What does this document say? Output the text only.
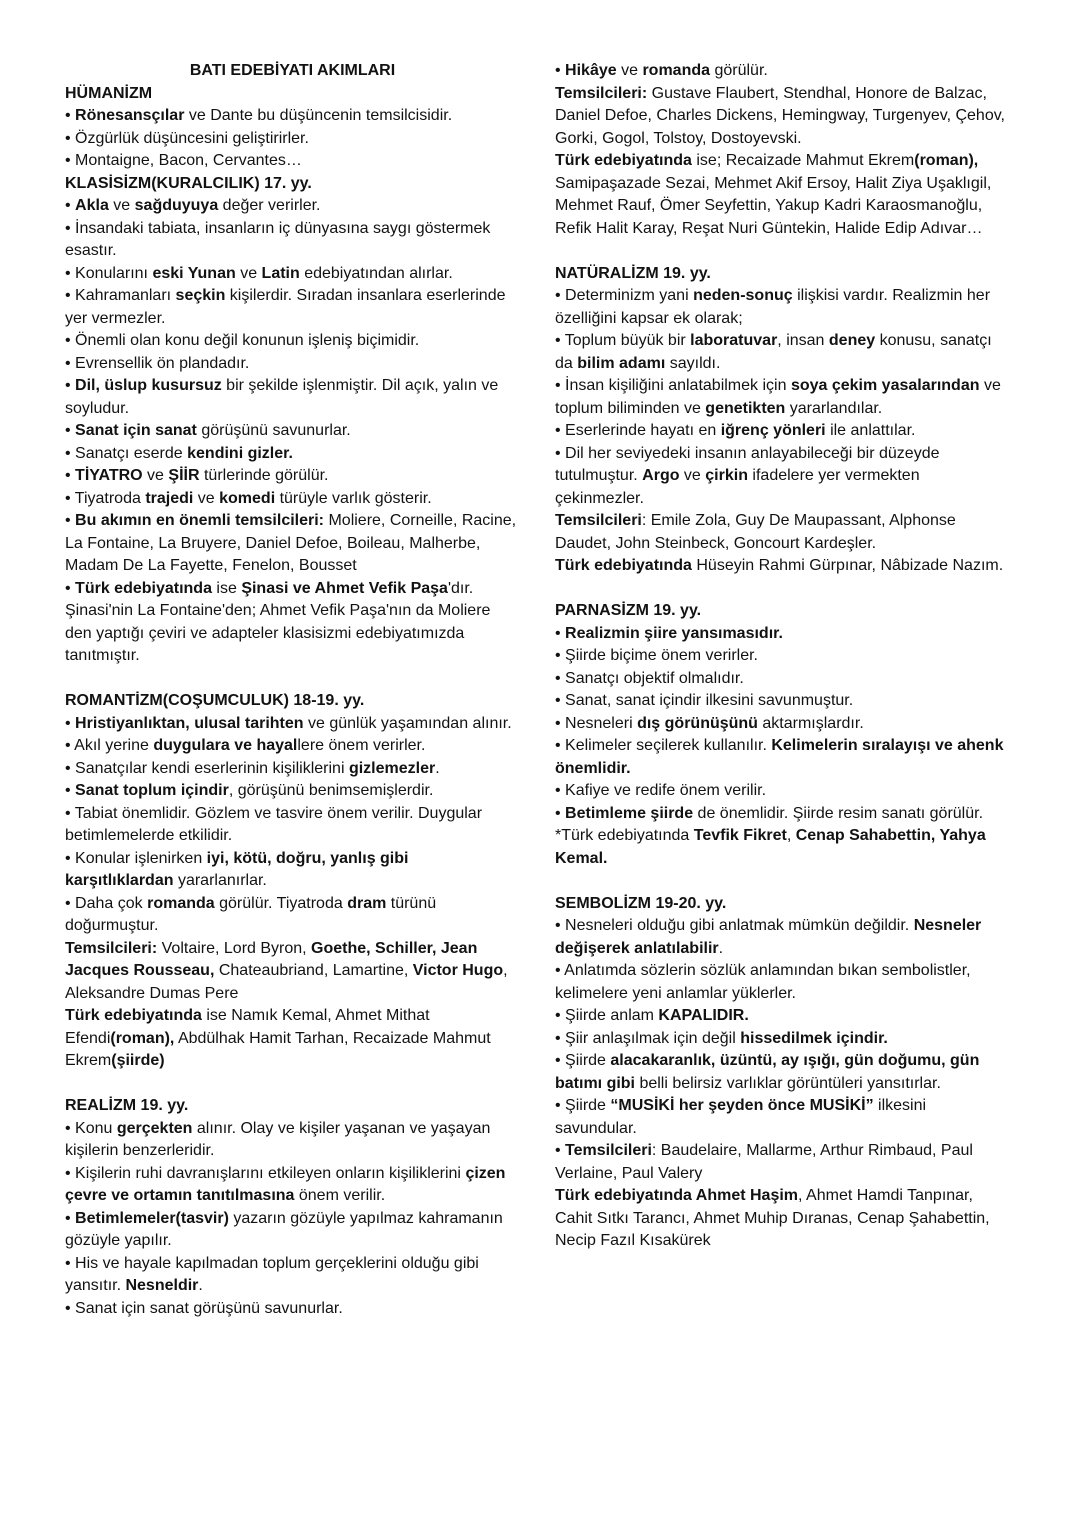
BATI EDEBİYATI AKIMLARI
HÜMANİZM
• Rönesansçılar ve Dante bu düşüncenin temsilcisidir.
• Özgürlük düşüncesini geliştirirler.
• Montaigne, Bacon, Cervantes…
KLASİSİZM(KURALCILIK) 17. yy.
• Akla ve sağduyuya değer verirler.
• İnsandaki tabiata, insanların iç dünyasına saygı göstermek esastır.
• Konularını eski Yunan ve Latin edebiyatından alırlar.
• Kahramanları seçkin kişilerdir. Sıradan insanlara eserlerinde yer vermezler.
• Önemli olan konu değil konunun işleniş biçimidir.
• Evrensellik ön plandadır.
• Dil, üslup kusursuz bir şekilde işlenmiştir. Dil açık, yalın ve soyludur.
• Sanat için sanat görüşünü savunurlar.
• Sanatçı eserde kendini gizler.
• TİYATRO ve ŞİİR türlerinde görülür.
• Tiyatroda trajedi ve komedi türüyle varlık gösterir.
• Bu akımın en önemli temsilcileri: Moliere, Corneille, Racine, La Fontaine, La Bruyere, Daniel Defoe, Boileau, Malherbe, Madam De La Fayette, Fenelon, Bousset
• Türk edebiyatında ise Şinasi ve Ahmet Vefik Paşa'dır. Şinasi'nin La Fontaine'den; Ahmet Vefik Paşa'nın da Moliere den yaptığı çeviri ve adapteler klasisizmi edebiyatımızda tanıtmıştır.
ROMANTİZM(COŞUMCULUK) 18-19. yy.
• Hristiyanlıktan, ulusal tarihten ve günlük yaşamından alınır.
• Akıl yerine duygulara ve hayallere önem verirler.
• Sanatçılar kendi eserlerinin kişiliklerini gizlemezler.
• Sanat toplum içindir, görüşünü benimsemişlerdir.
• Tabiat önemlidir. Gözlem ve tasvire önem verilir. Duygular betimlemelerde etkilidir.
• Konular işlenirken iyi, kötü, doğru, yanlış gibi karşıtlıklardan yararlanırlar.
• Daha çok romanda görülür. Tiyatroda dram türünü doğurmuştur.
Temsilcileri: Voltaire, Lord Byron, Goethe, Schiller, Jean Jacques Rousseau, Chateaubriand, Lamartine, Victor Hugo, Aleksandre Dumas Pere
Türk edebiyatında ise Namık Kemal, Ahmet Mithat Efendi(roman), Abdülhak Hamit Tarhan, Recaizade Mahmut Ekrem(şiirde)
REALİZM 19. yy.
• Konu gerçekten alınır. Olay ve kişiler yaşanan ve yaşayan kişilerin benzerleridir.
• Kişilerin ruhi davranışlarını etkileyen onların kişiliklerini çizen çevre ve ortamın tanıtılmasına önem verilir.
• Betimlemeler(tasvir) yazarın gözüyle yapılmaz kahramanın gözüyle yapılır.
• His ve hayale kapılmadan toplum gerçeklerini olduğu gibi yansıtır. Nesneldir.
• Sanat için sanat görüşünü savunurlar.
• Hikâye ve romanda görülür.
Temsilcileri: Gustave Flaubert, Stendhal, Honore de Balzac, Daniel Defoe, Charles Dickens, Hemingway, Turgenyev, Çehov, Gorki, Gogol, Tolstoy, Dostoyevski.
Türk edebiyatında ise; Recaizade Mahmut Ekrem(roman), Samipaşazade Sezai, Mehmet Akif Ersoy, Halit Ziya Uşaklıgil, Mehmet Rauf, Ömer Seyfettin, Yakup Kadri Karaosmanoğlu, Refik Halit Karay, Reşat Nuri Güntekin, Halide Edip Adıvar…
NATÜRALİZM 19. yy.
• Determinizm yani neden-sonuç ilişkisi vardır. Realizmin her özelliğini kapsar ek olarak;
• Toplum büyük bir laboratuvar, insan deney konusu, sanatçı da bilim adamı sayıldı.
• İnsan kişiliğini anlatabilmek için soya çekim yasalarından ve toplum biliminden ve genetikten yararlandılar.
• Eserlerinde hayatı en iğrenç yönleri ile anlattılar.
• Dil her seviyedeki insanın anlayabileceği bir düzeyde tutulmuştur. Argo ve çirkin ifadelere yer vermekten çekinmezler.
Temsilcileri: Emile Zola, Guy De Maupassant, Alphonse Daudet, John Steinbeck, Goncourt Kardeşler.
Türk edebiyatında Hüseyin Rahmi Gürpınar, Nâbizade Nazım.
PARNASİZM 19. yy.
• Realizmin şiire yansımasıdır.
• Şiirde biçime önem verirler.
• Sanatçı objektif olmalıdır.
• Sanat, sanat içindir ilkesini savunmuştur.
• Nesneleri dış görünüşünü aktarmışlardır.
• Kelimeler seçilerek kullanılır. Kelimelerin sıralayışı ve ahenk önemlidir.
• Kafiye ve redife önem verilir.
• Betimleme şiirde de önemlidir. Şiirde resim sanatı görülür.
*Türk edebiyatında Tevfik Fikret, Cenap Sahabettin, Yahya Kemal.
SEMBOLİZM 19-20. yy.
• Nesneleri olduğu gibi anlatmak mümkün değildir. Nesneler değişerek anlatılabilir.
• Anlatımda sözlerin sözlük anlamından bıkan sembolistler, kelimelere yeni anlamlar yüklerler.
• Şiirde anlam KAPALIDIR.
• Şiir anlaşılmak için değil hissedilmek içindir.
• Şiirde alacakaranlık, üzüntü, ay ışığı, gün doğumu, gün batımı gibi belli belirsiz varlıklar görüntüleri yansıtırlar.
• Şiirde “MUSİKİ her şeyden önce MUSİKİ” ilkesini savundular.
• Temsilcileri: Baudelaire, Mallarme, Arthur Rimbaud, Paul Verlaine, Paul Valery
Türk edebiyatında Ahmet Haşim, Ahmet Hamdi Tanpınar, Cahit Sıtkı Tarancı, Ahmet Muhip Dıranas, Cenap Şahabettin, Necip Fazıl Kısakürek
